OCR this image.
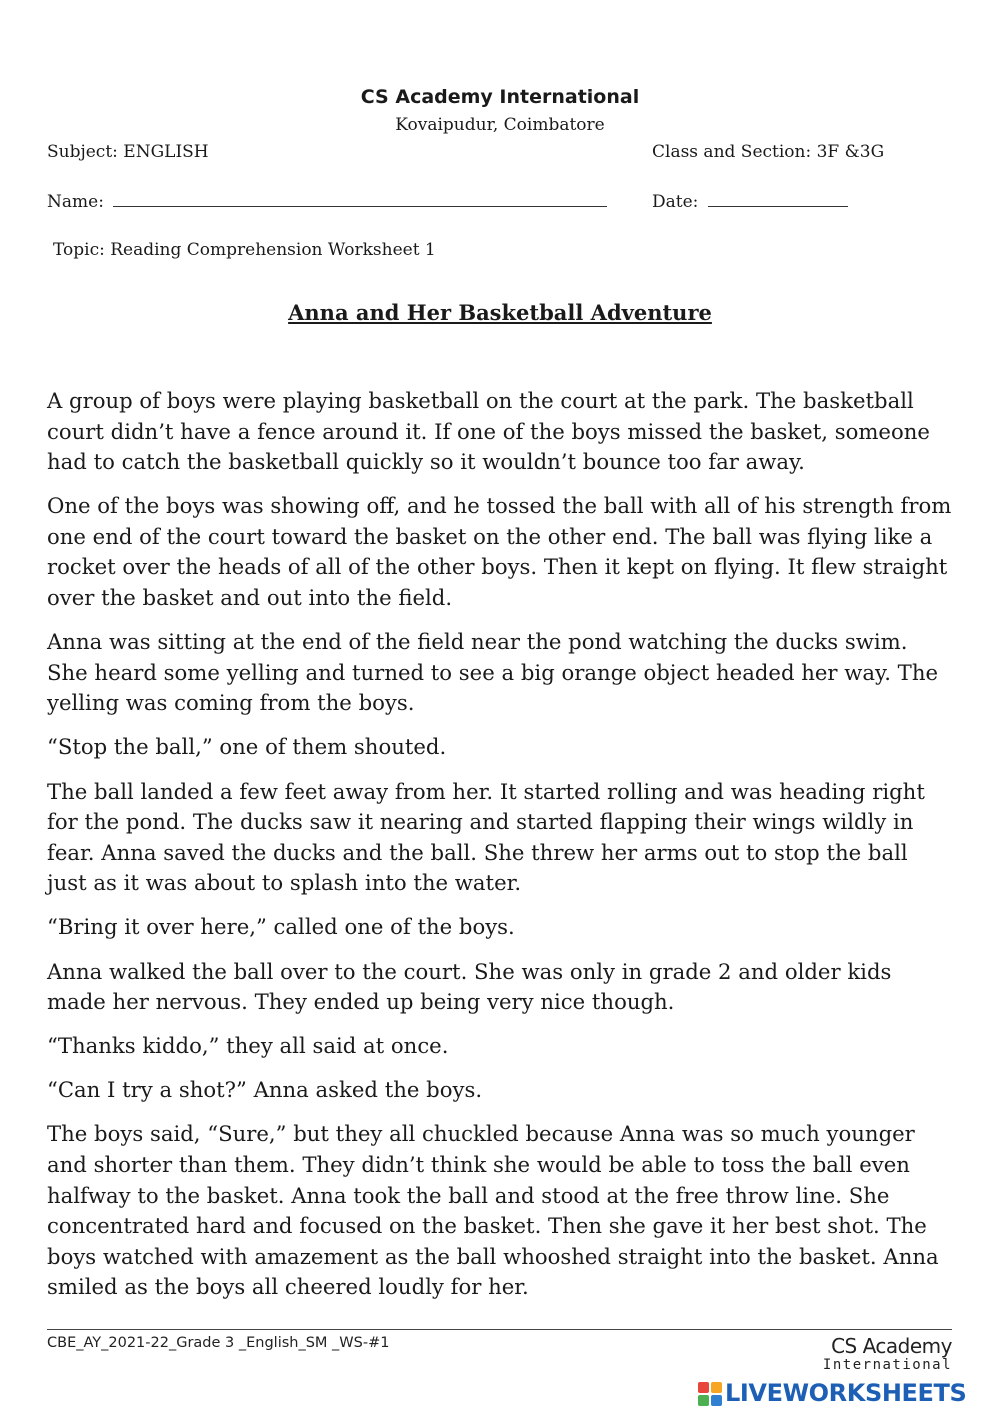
CS Academy International
Kovaipudur, Coimbatore
Subject: ENGLISH	Class and Section: 3F &3G
Name:	Date:
Topic: Reading Comprehension Worksheet 1
Anna and Her Basketball Adventure

A group of boys were playing basketball on the court at the park. The basketball court didn’t have a fence around it. If one of the boys missed the basket, someone had to catch the basketball quickly so it wouldn’t bounce too far away.

One of the boys was showing off, and he tossed the ball with all of his strength from one end of the court toward the basket on the other end. The ball was flying like a rocket over the heads of all of the other boys. Then it kept on flying. It flew straight over the basket and out into the field.

Anna was sitting at the end of the field near the pond watching the ducks swim. She heard some yelling and turned to see a big orange object headed her way. The yelling was coming from the boys.

“Stop the ball,” one of them shouted.

The ball landed a few feet away from her. It started rolling and was heading right for the pond. The ducks saw it nearing and started flapping their wings wildly in fear. Anna saved the ducks and the ball. She threw her arms out to stop the ball just as it was about to splash into the water.

“Bring it over here,” called one of the boys.

Anna walked the ball over to the court. She was only in grade 2 and older kids made her nervous. They ended up being very nice though.

“Thanks kiddo,” they all said at once.

“Can I try a shot?” Anna asked the boys.

The boys said, “Sure,” but they all chuckled because Anna was so much younger and shorter than them. They didn’t think she would be able to toss the ball even halfway to the basket. Anna took the ball and stood at the free throw line. She concentrated hard and focused on the basket. Then she gave it her best shot. The boys watched with amazement as the ball whooshed straight into the basket. Anna smiled as the boys all cheered loudly for her.

CBE_AY_2021-22_Grade 3 _English_SM _WS-#1	CS Academy
International
LIVEWORKSHEETS
